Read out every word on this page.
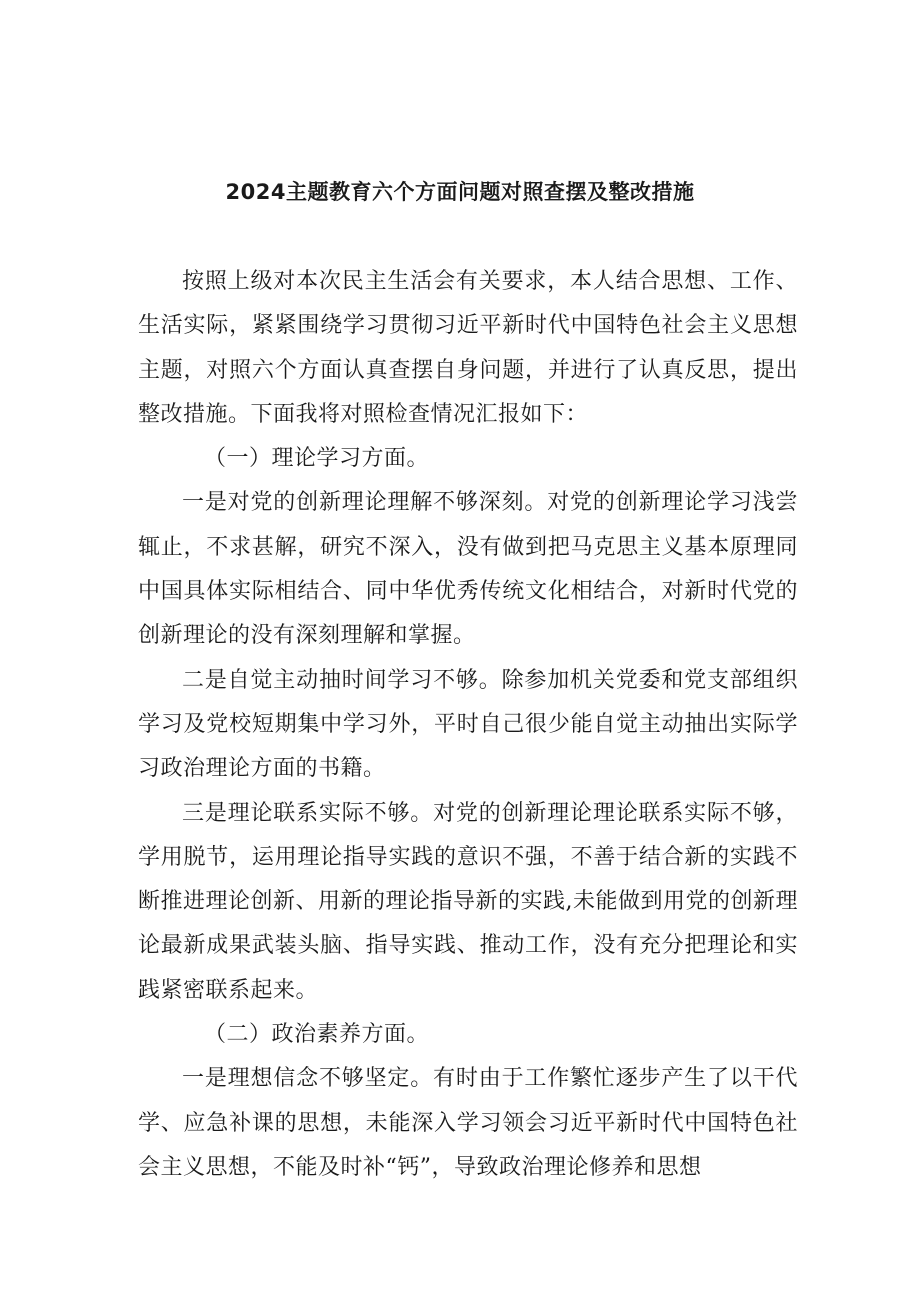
2024主题教育六个方面问题对照查摆及整改措施

按照上级对本次民主生活会有关要求，本人结合思想、工作、生活实际，紧紧围绕学习贯彻习近平新时代中国特色社会主义思想主题，对照六个方面认真查摆自身问题，并进行了认真反思，提出整改措施。下面我将对照检查情况汇报如下：

（一）理论学习方面。

一是对党的创新理论理解不够深刻。对党的创新理论学习浅尝辄止，不求甚解，研究不深入，没有做到把马克思主义基本原理同中国具体实际相结合、同中华优秀传统文化相结合，对新时代党的创新理论的没有深刻理解和掌握。

二是自觉主动抽时间学习不够。除参加机关党委和党支部组织学习及党校短期集中学习外，平时自己很少能自觉主动抽出实际学习政治理论方面的书籍。

三是理论联系实际不够。对党的创新理论理论联系实际不够，学用脱节，运用理论指导实践的意识不强，不善于结合新的实践不断推进理论创新、用新的理论指导新的实践,未能做到用党的创新理论最新成果武装头脑、指导实践、推动工作，没有充分把理论和实践紧密联系起来。

（二）政治素养方面。

一是理想信念不够坚定。有时由于工作繁忙逐步产生了以干代学、应急补课的思想，未能深入学习领会习近平新时代中国特色社会主义思想，不能及时补“钙”，导致政治理论修养和思想
